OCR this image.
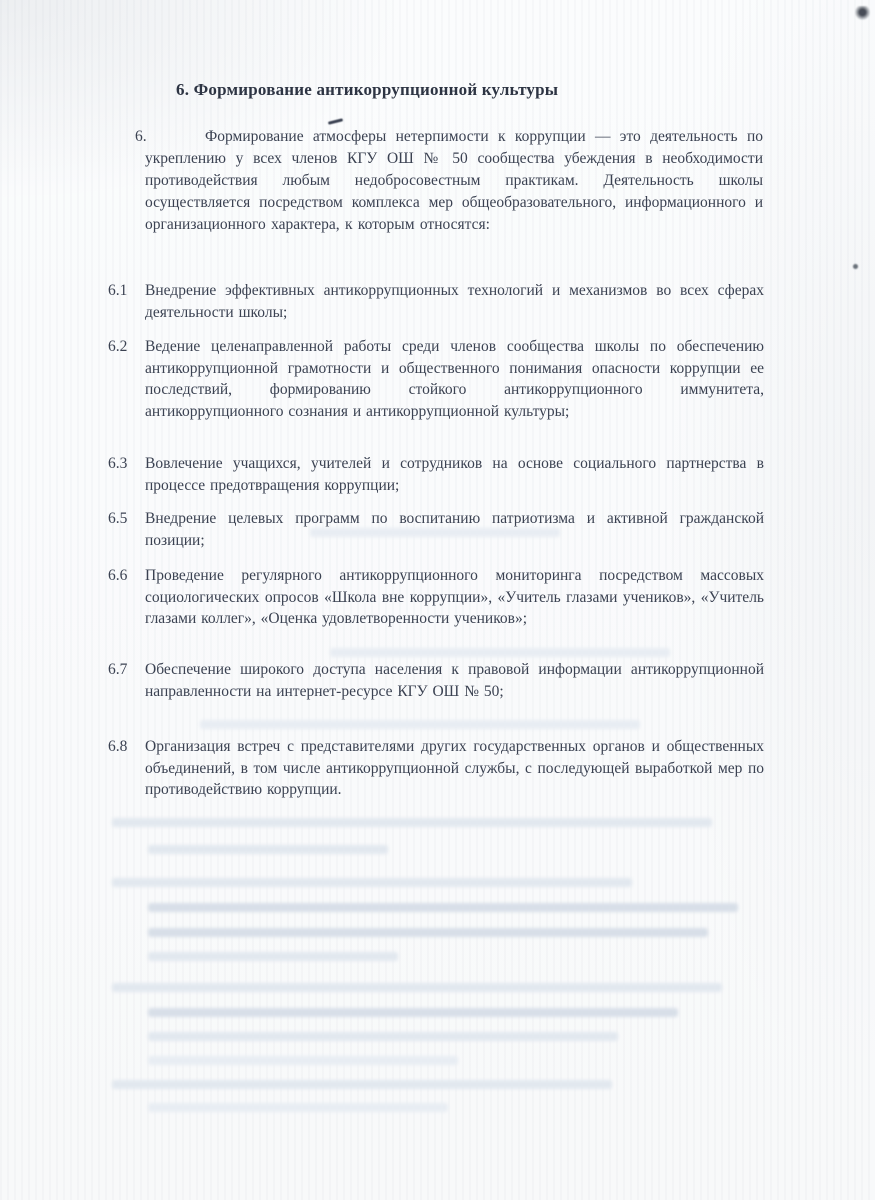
6. Формирование антикоррупционной культуры
6.	Формирование атмосферы нетерпимости к коррупции — это деятельность по укреплению у всех членов КГУ ОШ № 50 сообщества убеждения в необходимости противодействия любым недобросовестным практикам. Деятельность школы осуществляется посредством комплекса мер общеобразовательного, информационного и организационного характера, к которым относятся:
6.1 Внедрение эффективных антикоррупционных технологий и механизмов во всех сферах деятельности школы;
6.2 Ведение целенаправленной работы среди членов сообщества школы по обеспечению антикоррупционной грамотности и общественного понимания опасности коррупции ее последствий, формированию стойкого антикоррупционного иммунитета, антикоррупционного сознания и антикоррупционной культуры;
6.3 Вовлечение учащихся, учителей и сотрудников на основе социального партнерства в процессе предотвращения коррупции;
6.5 Внедрение целевых программ по воспитанию патриотизма и активной гражданской позиции;
6.6 Проведение регулярного антикоррупционного мониторинга посредством массовых социологических опросов «Школа вне коррупции», «Учитель глазами учеников», «Учитель глазами коллег», «Оценка удовлетворенности учеников»;
6.7 Обеспечение широкого доступа населения к правовой информации антикоррупционной направленности на интернет-ресурсе КГУ ОШ № 50;
6.8 Организация встреч с представителями других государственных органов и общественных объединений, в том числе антикоррупционной службы, с последующей выработкой мер по противодействию коррупции.
